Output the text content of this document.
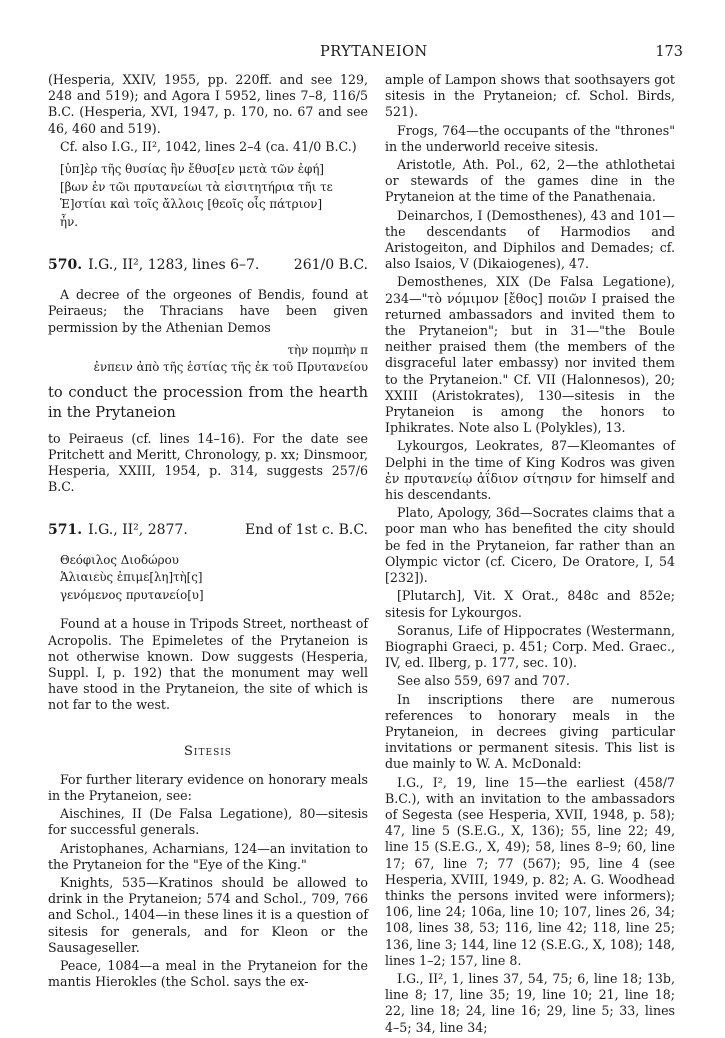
PRYTANEION	173

(Hesperia, XXIV, 1955, pp. 220ff. and see 129, 248 and 519); and Agora I 5952, lines 7–8, 116/5 B.C. (Hesperia, XVI, 1947, p. 170, no. 67 and see 46, 460 and 519).

Cf. also I.G., II², 1042, lines 2–4 (ca. 41/0 B.C.)

[ὑπ]ὲρ τῆς θυσίας ἣν ἔθυσ[εν μετὰ τῶν ἐφή]
[βων ἐν τῶι πρυτανείωι τὰ εἰσιτητήρια τῆι τε
Ἑ]στίαι καὶ τοῖς ἄλλοις [θεοῖς οἷς πάτριον]
ἦν.
570. I.G., II², 1283, lines 6–7. 261/0 B.C.

A decree of the orgeones of Bendis, found at Peiraeus; the Thracians have been given permission by the Athenian Demos

τὴν πομπὴν π
ἐνπειν ἀπὸ τῆς ἑστίας τῆς ἐκ τοῦ Πρυτανείου
to conduct the procession from the hearth in the Prytaneion

to Peiraeus (cf. lines 14–16). For the date see Pritchett and Meritt, Chronology, p. xx; Dinsmoor, Hesperia, XXIII, 1954, p. 314, suggests 257/6 B.C.

571. I.G., II², 2877.	End of 1st c. B.C.
Θεόφιλος Διοδώρου
Ἁλιαιεὺς ἐπιμε[λη]τὴ[ς]
γενόμενος πρυτανείο[υ]

Found at a house in Tripods Street, northeast of Acropolis. The Epimeletes of the Prytaneion is not otherwise known. Dow suggests (Hesperia, Suppl. I, p. 192) that the monument may well have stood in the Prytaneion, the site of which is not far to the west.

Sitesis

For further literary evidence on honorary meals in the Prytaneion, see:

Aischines, II (De Falsa Legatione), 80—sitesis for successful generals.

Aristophanes, Acharnians, 124—an invitation to the Prytaneion for the "Eye of the King."

Knights, 535—Kratinos should be allowed to drink in the Prytaneion; 574 and Schol., 709, 766 and Schol., 1404—in these lines it is a question of sitesis for generals, and for Kleon or the Sausageseller.

Peace, 1084—a meal in the Prytaneion for the mantis Hierokles (the Schol. says the ex-

ample of Lampon shows that soothsayers got sitesis in the Prytaneion; cf. Schol. Birds, 521).

Frogs, 764—the occupants of the "thrones" in the underworld receive sitesis.

Aristotle, Ath. Pol., 62, 2—the athlothetai or stewards of the games dine in the Prytaneion at the time of the Panathenaia.

Deinarchos, I (Demosthenes), 43 and 101—the descendants of Harmodios and Aristogeiton, and Diphilos and Demades; cf. also Isaios, V (Dikaiogenes), 47.

Demosthenes, XIX (De Falsa Legatione), 234—"τὸ νόμιμον [ἔθος] ποιῶν I praised the returned ambassadors and invited them to the Prytaneion"; but in 31—"the Boule neither praised them (the members of the disgraceful later embassy) nor invited them to the Prytaneion." Cf. VII (Halonnesos), 20; XXIII (Aristokrates), 130—sitesis in the Prytaneion is among the honors to Iphikrates. Note also L (Polykles), 13.

Lykourgos, Leokrates, 87—Kleomantes of Delphi in the time of King Kodros was given ἐν πρυτανείῳ ἀΐδιον σίτησιν for himself and his descendants.

Plato, Apology, 36d—Socrates claims that a poor man who has benefited the city should be fed in the Prytaneion, far rather than an Olympic victor (cf. Cicero, De Oratore, I, 54 [232]).

[Plutarch], Vit. X Orat., 848c and 852e; sitesis for Lykourgos.

Soranus, Life of Hippocrates (Westermann, Biographi Graeci, p. 451; Corp. Med. Graec., IV, ed. Ilberg, p. 177, sec. 10).

See also 559, 697 and 707.

In inscriptions there are numerous references to honorary meals in the Prytaneion, in decrees giving particular invitations or permanent sitesis. This list is due mainly to W. A. McDonald:

I.G., I², 19, line 15—the earliest (458/7 B.C.), with an invitation to the ambassadors of Segesta (see Hesperia, XVII, 1948, p. 58); 47, line 5 (S.E.G., X, 136); 55, line 22; 49, line 15 (S.E.G., X, 49); 58, lines 8–9; 60, line 17; 67, line 7; 77 (567); 95, line 4 (see Hesperia, XVIII, 1949, p. 82; A. G. Woodhead thinks the persons invited were informers); 106, line 24; 106a, line 10; 107, lines 26, 34; 108, lines 38, 53; 116, line 42; 118, line 25; 136, line 3; 144, line 12 (S.E.G., X, 108); 148, lines 1–2; 157, line 8.

I.G., II², 1, lines 37, 54, 75; 6, line 18; 13b, line 8; 17, line 35; 19, line 10; 21, line 18; 22, line 18; 24, line 16; 29, line 5; 33, lines 4–5; 34, line 34;
